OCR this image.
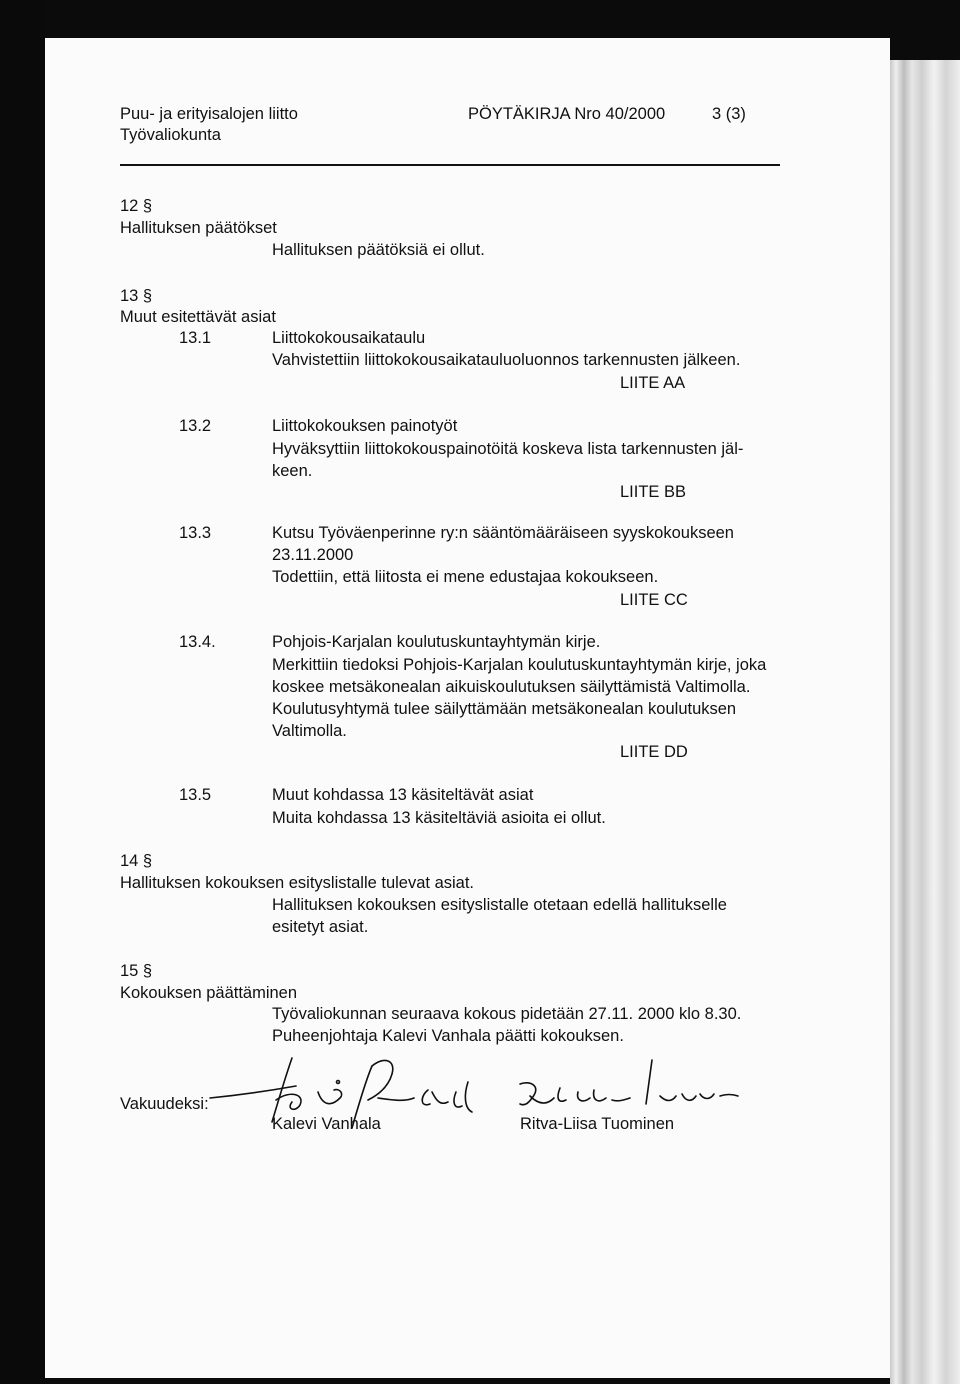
Puu- ja erityisalojen liitto
Työvaliokunta
PÖYTÄKIRJA Nro 40/2000	3 (3)
12 §
Hallituksen päätökset
Hallituksen päätöksiä ei ollut.
13 §
Muut esitettävät asiat
13.1	Liittokokousaikataulu
Vahvistettiin liittokokousaikatauluoluonnos tarkennusten jälkeen.
LIITE AA
13.2	Liittokokouksen painotyöt
Hyväksyttiin liittokokouspainotöitä koskeva lista tarkennusten jäl-
keen.
LIITE BB
13.3	Kutsu Työväenperinne ry:n sääntömääräiseen syyskokoukseen
23.11.2000
Todettiin, että liitosta ei mene edustajaa kokoukseen.
LIITE CC
13.4.	Pohjois-Karjalan koulutuskuntayhtymän kirje.
Merkittiin tiedoksi Pohjois-Karjalan koulutuskuntayhtymän kirje, joka
koskee metsäkonealan aikuiskoulutuksen säilyttämistä Valtimolla.
Koulutusyhtymä tulee säilyttämään metsäkonealan koulutuksen
Valtimolla.
LIITE DD
13.5	Muut kohdassa 13 käsiteltävät asiat
Muita kohdassa 13 käsiteltäviä asioita ei ollut.
14 §
Hallituksen kokouksen esityslistalle tulevat asiat.
Hallituksen kokouksen esityslistalle otetaan edellä hallitukselle
esitetyt asiat.
15 §
Kokouksen päättäminen
Työvaliokunnan seuraava kokous pidetään 27.11. 2000 klo 8.30.
Puheenjohtaja Kalevi Vanhala päätti kokouksen.
Vakuudeksi:
Kalevi Vanhala	Ritva-Liisa Tuominen
